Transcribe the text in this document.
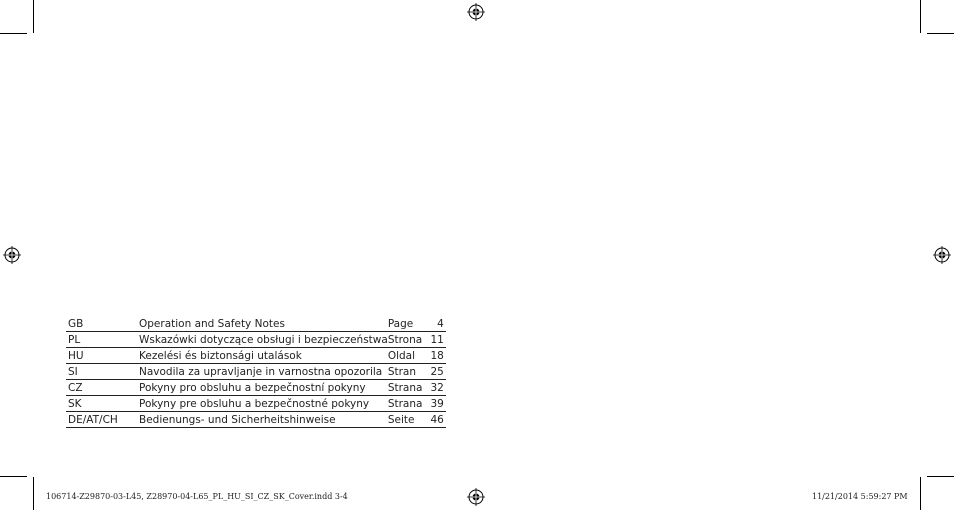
GB	Operation and Safety Notes	Page	4
PL	Wskazówki dotyczące obsługi i bezpieczeństwa	Strona	11
HU	Kezelési és biztonsági utalások	Oldal	18
SI	Navodila za upravljanje in varnostna opozorila	Stran	25
CZ	Pokyny pro obsluhu a bezpečnostní pokyny	Strana	32
SK	Pokyny pre obsluhu a bezpečnostné pokyny	Strana	39
DE/AT/CH	Bedienungs- und Sicherheitshinweise	Seite	46
106714-Z29870-03-L45, Z28970-04-L65_PL_HU_SI_CZ_SK_Cover.indd 3-4	11/21/2014 5:59:27 PM
